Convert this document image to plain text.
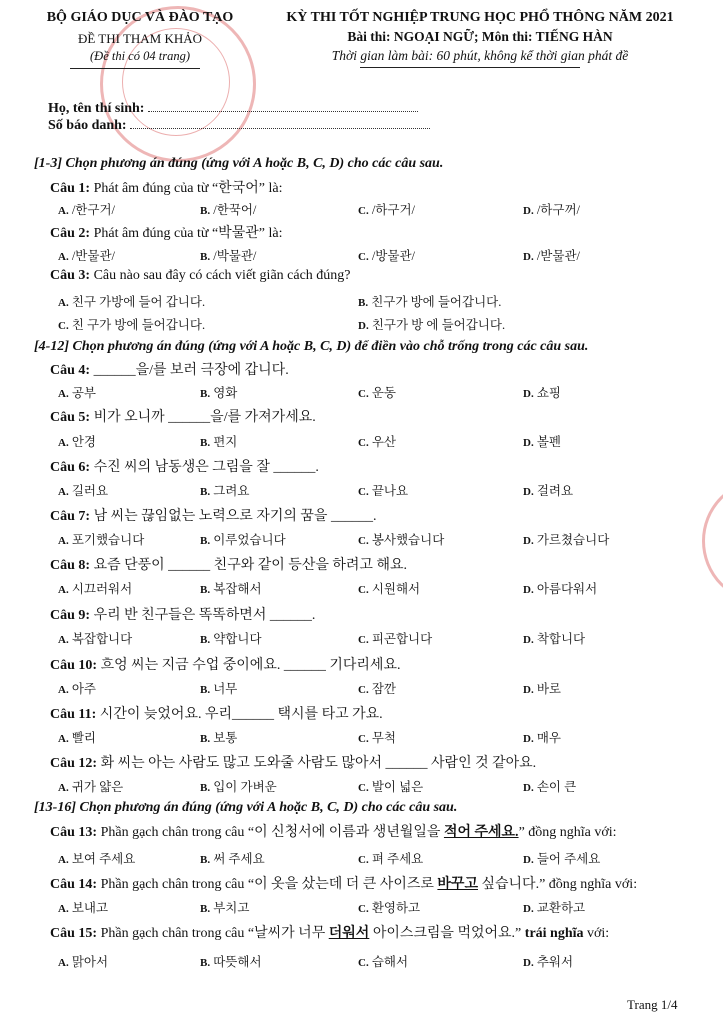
BỘ GIÁO DỤC VÀ ĐÀO TẠO
ĐỀ THI THAM KHẢO
(Đề thi có 04 trang)
KỲ THI TỐT NGHIỆP TRUNG HỌC PHỔ THÔNG NĂM 2021
Bài thi: NGOẠI NGỮ; Môn thi: TIẾNG HÀN
Thời gian làm bài: 60 phút, không kể thời gian phát đề
Họ, tên thí sinh:
Số báo danh:
[1-3] Chọn phương án đúng (ứng với A hoặc B, C, D) cho các câu sau.
Câu 1: Phát âm đúng của từ “한국어” là:
A. /한구거/	B. /한꾹어/	C. /하구거/	D. /하구꺼/
Câu 2: Phát âm đúng của từ “박물관” là:
A. /반물관/	B. /박물관/	C. /방물관/	D. /받물관/
Câu 3: Câu nào sau đây có cách viết giãn cách đúng?
A. 친구 가방에 들어 갑니다.	B. 친구가 방에 들어갑니다.
C. 친 구가 방에 들어갑니다.	D. 친구가 방 에 들어갑니다.
[4-12] Chọn phương án đúng (ứng với A hoặc B, C, D) để điền vào chỗ trống trong các câu sau.
Câu 4: ______을/를 보러 극장에 갑니다.
A. 공부	B. 영화	C. 운동	D. 쇼핑
Câu 5: 비가 오니까 ______을/를 가져가세요.
A. 안경	B. 편지	C. 우산	D. 볼펜
Câu 6: 수진 씨의 남동생은 그림을 잘 ______.
A. 길러요	B. 그려요	C. 끝나요	D. 걸려요
Câu 7: 남 씨는 끊임없는 노력으로 자기의 꿈을 ______.
A. 포기했습니다	B. 이루었습니다	C. 봉사했습니다	D. 가르쳤습니다
Câu 8: 요즘 단풍이 ______ 친구와 같이 등산을 하려고 해요.
A. 시끄러워서	B. 복잡해서	C. 시원해서	D. 아름다워서
Câu 9: 우리 반 친구들은 똑똑하면서 ______.
A. 복잡합니다	B. 약합니다	C. 피곤합니다	D. 착합니다
Câu 10: 흐엉 씨는 지금 수업 중이에요. ______ 기다리세요.
A. 아주	B. 너무	C. 잠깐	D. 바로
Câu 11: 시간이 늦었어요. 우리______ 택시를 타고 가요.
A. 빨리	B. 보통	C. 무척	D. 매우
Câu 12: 화 씨는 아는 사람도 많고 도와줄 사람도 많아서 ______ 사람인 것 같아요.
A. 귀가 얇은	B. 입이 가벼운	C. 발이 넓은	D. 손이 큰
[13-16] Chọn phương án đúng (ứng với A hoặc B, C, D) cho các câu sau.
Câu 13: Phần gạch chân trong câu “이 신청서에 이름과 생년월일을 적어 주세요.” đồng nghĩa với:
A. 보여 주세요	B. 써 주세요	C. 펴 주세요	D. 들어 주세요
Câu 14: Phần gạch chân trong câu “이 옷을 샀는데 더 큰 사이즈로 바꾸고 싶습니다.” đồng nghĩa với:
A. 보내고	B. 부치고	C. 환영하고	D. 교환하고
Câu 15: Phần gạch chân trong câu “날씨가 너무 더워서 아이스크림을 먹었어요.” trái nghĩa với:
A. 맑아서	B. 따뜻해서	C. 습해서	D. 추워서
Trang 1/4
